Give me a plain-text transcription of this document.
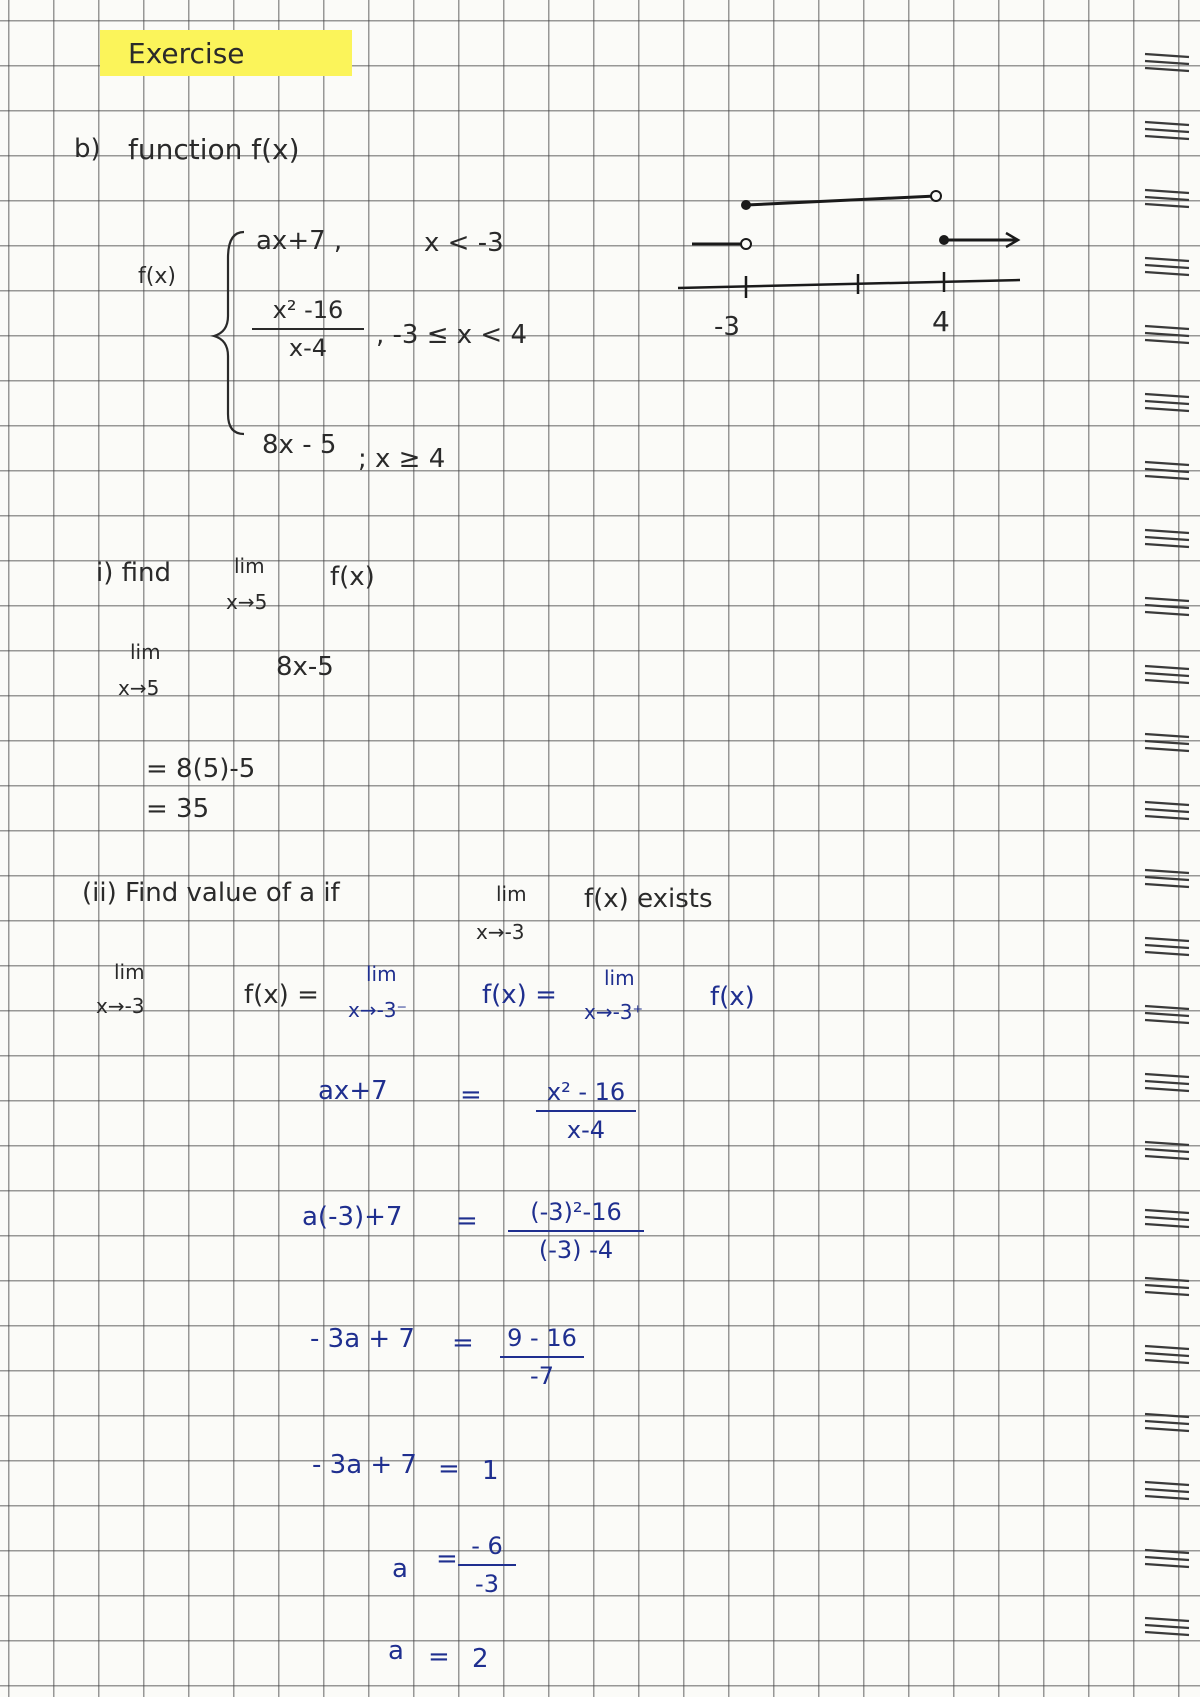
Exercise
b) function f(x)
f(x)
ax+7 ,	x < -3
x² -16
x-4	, -3 ≤ x < 4
8x - 5 ; x ≥ 4
-3	4
i) find	lim
x→5
f(x)
lim
x→5
8x-5
= 8(5)-5
= 35
(ii) Find value of a if	lim
x→-3
f(x) exists
lim
x→-3	f(x) =
lim
x→-3⁻	f(x) =
lim
x→-3⁺	f(x)
ax+7	=	x² - 16
x-4
a(-3)+7 =	(-3)²-16
(-3) -4
- 3a + 7 = 9 - 16
-7
- 3a + 7 = 1
a = - 6
-3
a = 2
